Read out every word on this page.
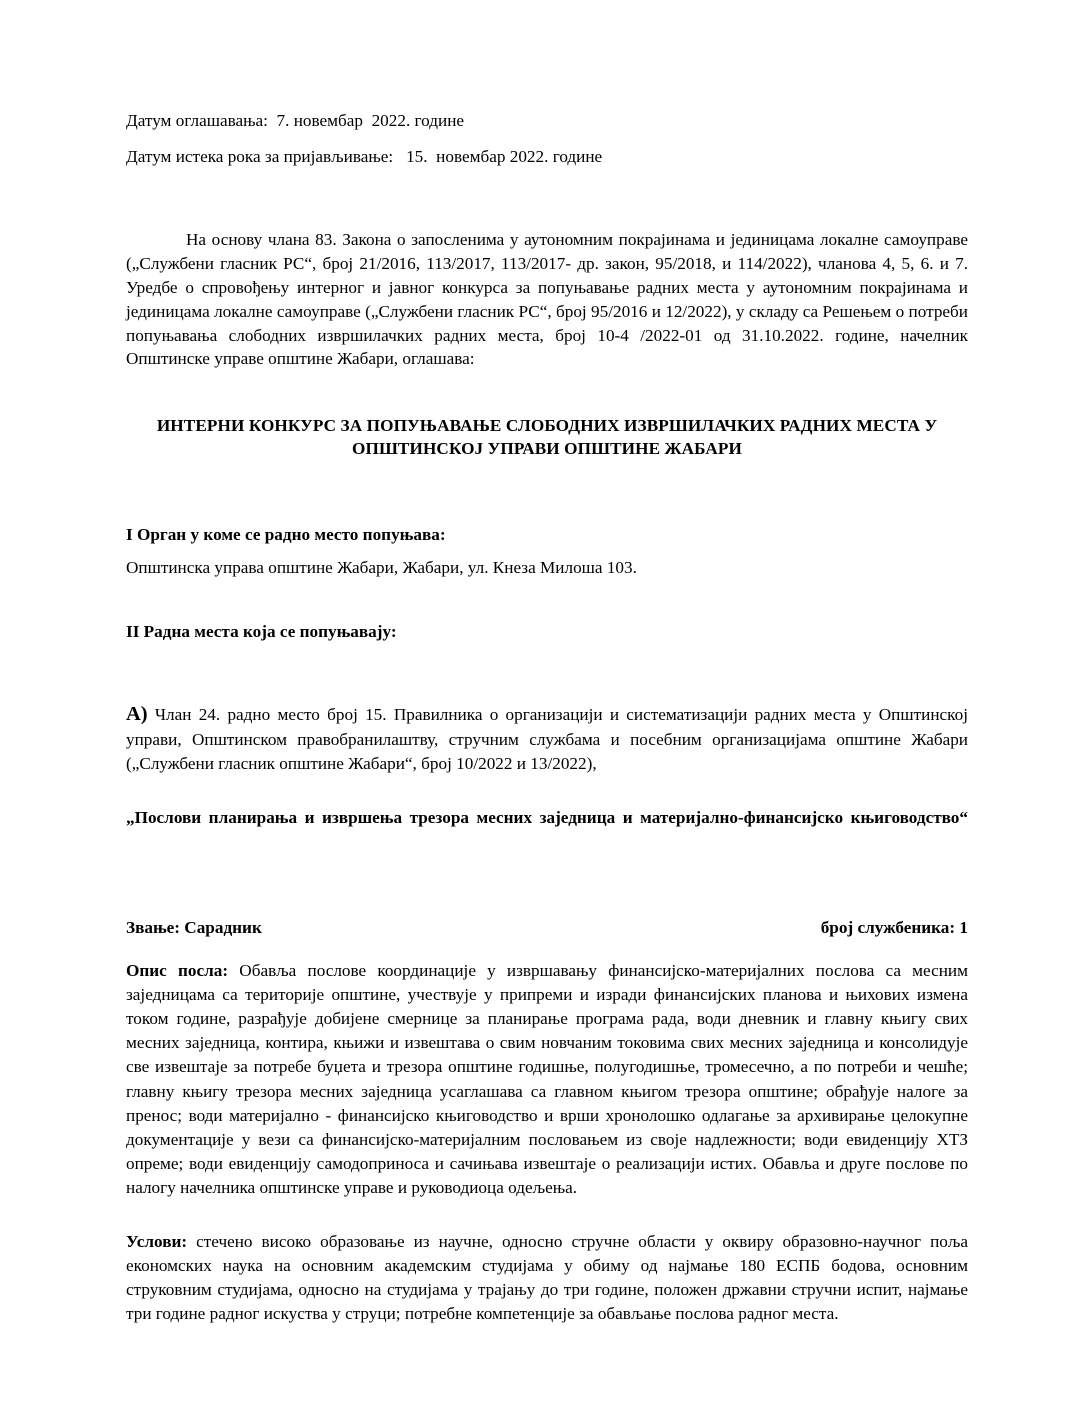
Датум оглашавања:  7. новембар  2022. године
Датум истека рока за пријављивање:   15.  новембар 2022. године

На основу члана 83. Закона о запосленима у аутономним покрајинама и јединицама локалне самоуправе („Службени гласник РС“, број 21/2016, 113/2017, 113/2017- др. закон, 95/2018, и 114/2022), чланова 4, 5, 6. и 7. Уредбе о спровођењу интерног и јавног конкурса за попуњавање радних места у аутономним покрајинама и јединицама локалне самоуправе („Службени гласник РС“, број 95/2016 и 12/2022), у складу са Решењем о потреби попуњавања слободних извршилачких радних места, број 10-4 /2022-01 од 31.10.2022. године, начелник Општинске управе општине Жабари, оглашава:

ИНТЕРНИ КОНКУРС ЗА ПОПУЊАВАЊЕ СЛОБОДНИХ ИЗВРШИЛАЧКИХ РАДНИХ МЕСТА У ОПШТИНСКОЈ УПРАВИ ОПШТИНЕ ЖАБАРИ

I Орган у коме се радно место попуњава:

Општинска управа општине Жабари, Жабари, ул. Кнеза Милоша 103.

II Радна места која се попуњавају:

А) Члан 24. радно место број 15. Правилника о организацији и систематизацији радних места у Општинској управи, Општинском правобранилаштву, стручним службама и посебним организацијама општине Жабари („Службени гласник општине Жабари“, број 10/2022 и 13/2022),

„Послови планирања и извршења трезора месних заједница и материјално-финансијско књиговодство“

Звање: Сарадник	број службеника: 1

Опис посла: Обавља послове координације у извршавању финансијско-материјалних послова са месним заједницама са територије општине, учествује у припреми и изради финансијских планова и њихових измена током године, разрађује добијене смернице за планирање програма рада, води дневник и главну књигу свих месних заједница, контира, књижи и извештава о свим новчаним токовима свих месних заједница и консолидује све извештаје за потребе буџета и трезора општине годишње, полугодишње, тромесечно, а по потреби и чешће; главну књигу трезора месних заједница усаглашава са главном књигом трезора општине; обрађује налоге за пренос; води материјално - финансијско књиговодство и врши хронолошко одлагање за архивирање целокупне документације у вези са финансијско-материјалним пословањем из своје надлежности; води евиденцију ХТЗ опреме; води евиденцију самодоприноса и сачињава извештаје о реализацији истих. Обавља и друге послове по налогу начелника општинске управе и руководиоца одељења.

Услови: стечено високо образовање из научне, односно стручне области у оквиру образовно-научног поља економских наука на основним академским студијама у обиму од најмање 180 ЕСПБ бодова, основним струковним студијама, односно на студијама у трајању до три године, положен државни стручни испит, најмање три године радног искуства у струци; потребне компетенције за обављање послова радног места.
